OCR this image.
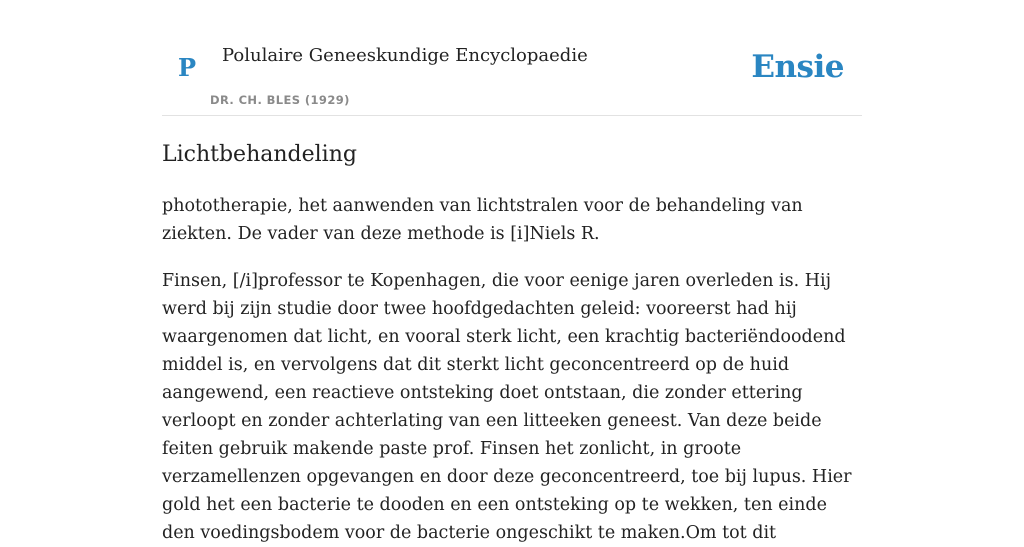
P Polulaire Geneeskundige Encyclopaedie
DR. CH. BLES (1929)
Ensie
Lichtbehandeling

phototherapie, het aanwenden van lichtstralen voor de behandeling van ziekten. De vader van deze methode is [i]Niels R.

Finsen, [/i]professor te Kopenhagen, die voor eenige jaren overleden is. Hij werd bij zijn studie door twee hoofdgedachten geleid: vooreerst had hij waargenomen dat licht, en vooral sterk licht, een krachtig bacteriëndoodend middel is, en vervolgens dat dit sterkt licht geconcentreerd op de huid aangewend, een reactieve ontsteking doet ontstaan, die zonder ettering verloopt en zonder achterlating van een litteeken geneest. Van deze beide feiten gebruik makende paste prof. Finsen het zonlicht, in groote verzamellenzen opgevangen en door deze geconcentreerd, toe bij lupus. Hier gold het een bacterie te dooden en een ontsteking op te wekken, ten einde den voedingsbodem voor de bacterie ongeschikt te maken.Om tot dit
